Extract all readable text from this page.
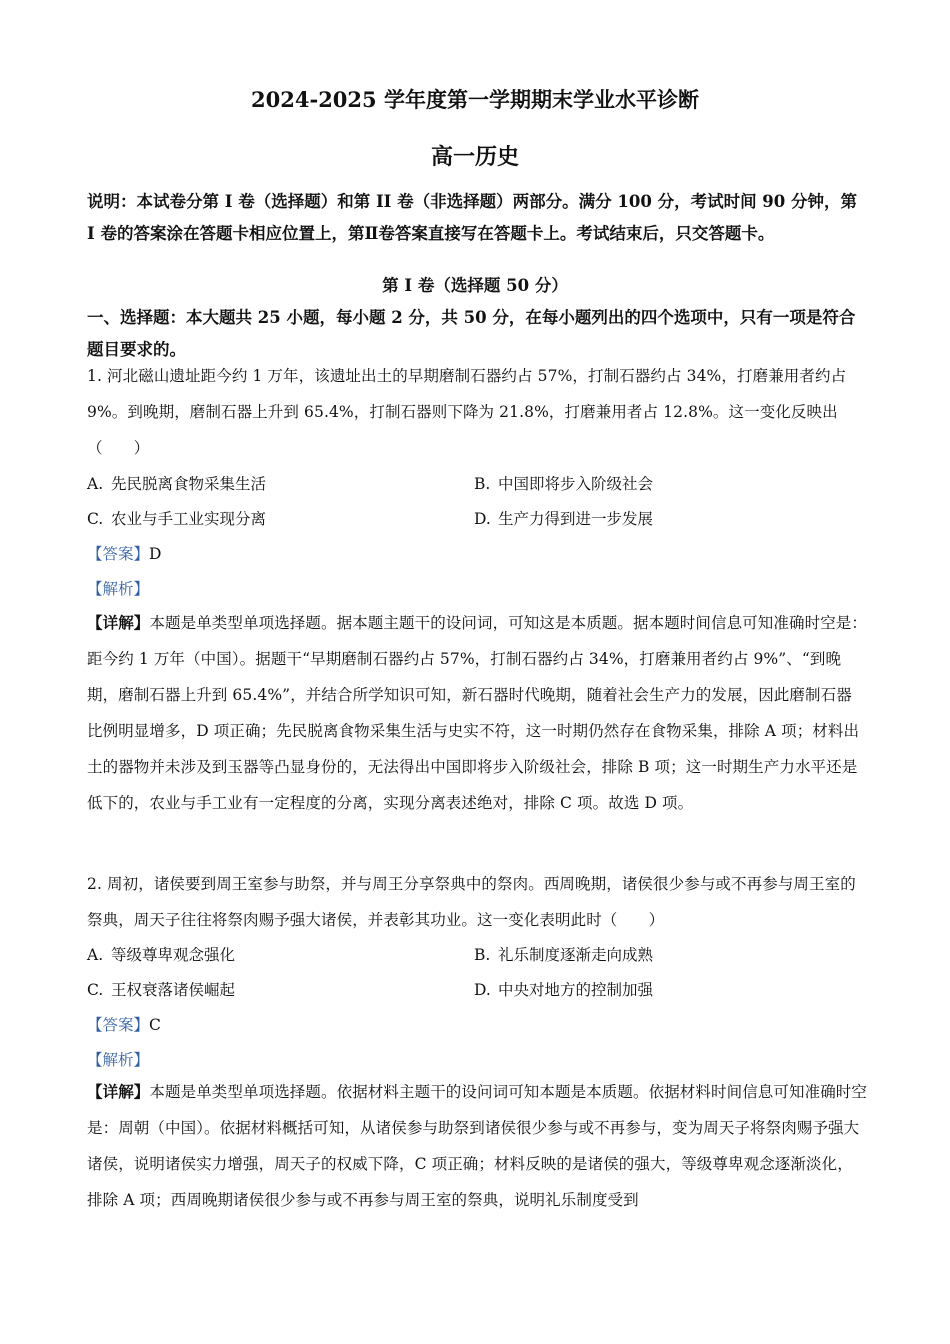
2024-2025 学年度第一学期期末学业水平诊断
高一历史
说明：本试卷分第 I 卷（选择题）和第 II 卷（非选择题）两部分。满分 100 分，考试时间 90 分钟，第 I 卷的答案涂在答题卡相应位置上，第Ⅱ卷答案直接写在答题卡上。考试结束后，只交答题卡。
第 I 卷（选择题 50 分）
一、选择题：本大题共 25 小题，每小题 2 分，共 50 分，在每小题列出的四个选项中，只有一项是符合题目要求的。
1. 河北磁山遗址距今约 1 万年，该遗址出土的早期磨制石器约占 57%，打制石器约占 34%，打磨兼用者约占 9%。到晚期，磨制石器上升到 65.4%，打制石器则下降为 21.8%，打磨兼用者占 12.8%。这一变化反映出（　　）
A. 先民脱离食物采集生活	B. 中国即将步入阶级社会
C. 农业与手工业实现分离	D. 生产力得到进一步发展
【答案】D
【解析】
【详解】本题是单类型单项选择题。据本题主题干的设问词，可知这是本质题。据本题时间信息可知准确时空是：距今约 1 万年（中国）。据题干“早期磨制石器约占 57%，打制石器约占 34%，打磨兼用者约占 9%”、“到晚期，磨制石器上升到 65.4%”，并结合所学知识可知，新石器时代晚期，随着社会生产力的发展，因此磨制石器比例明显增多，D 项正确；先民脱离食物采集生活与史实不符，这一时期仍然存在食物采集，排除 A 项；材料出土的器物并未涉及到玉器等凸显身份的，无法得出中国即将步入阶级社会，排除 B 项；这一时期生产力水平还是低下的，农业与手工业有一定程度的分离，实现分离表述绝对，排除 C 项。故选 D 项。
2. 周初，诸侯要到周王室参与助祭，并与周王分享祭典中的祭肉。西周晚期，诸侯很少参与或不再参与周王室的祭典，周天子往往将祭肉赐予强大诸侯，并表彰其功业。这一变化表明此时（　　）
A. 等级尊卑观念强化	B. 礼乐制度逐渐走向成熟
C. 王权衰落诸侯崛起	D. 中央对地方的控制加强
【答案】C
【解析】
【详解】本题是单类型单项选择题。依据材料主题干的设问词可知本题是本质题。依据材料时间信息可知准确时空是：周朝（中国）。依据材料概括可知，从诸侯参与助祭到诸侯很少参与或不再参与，变为周天子将祭肉赐予强大诸侯，说明诸侯实力增强，周天子的权威下降，C 项正确；材料反映的是诸侯的强大，等级尊卑观念逐渐淡化，排除 A 项；西周晚期诸侯很少参与或不再参与周王室的祭典，说明礼乐制度受到
